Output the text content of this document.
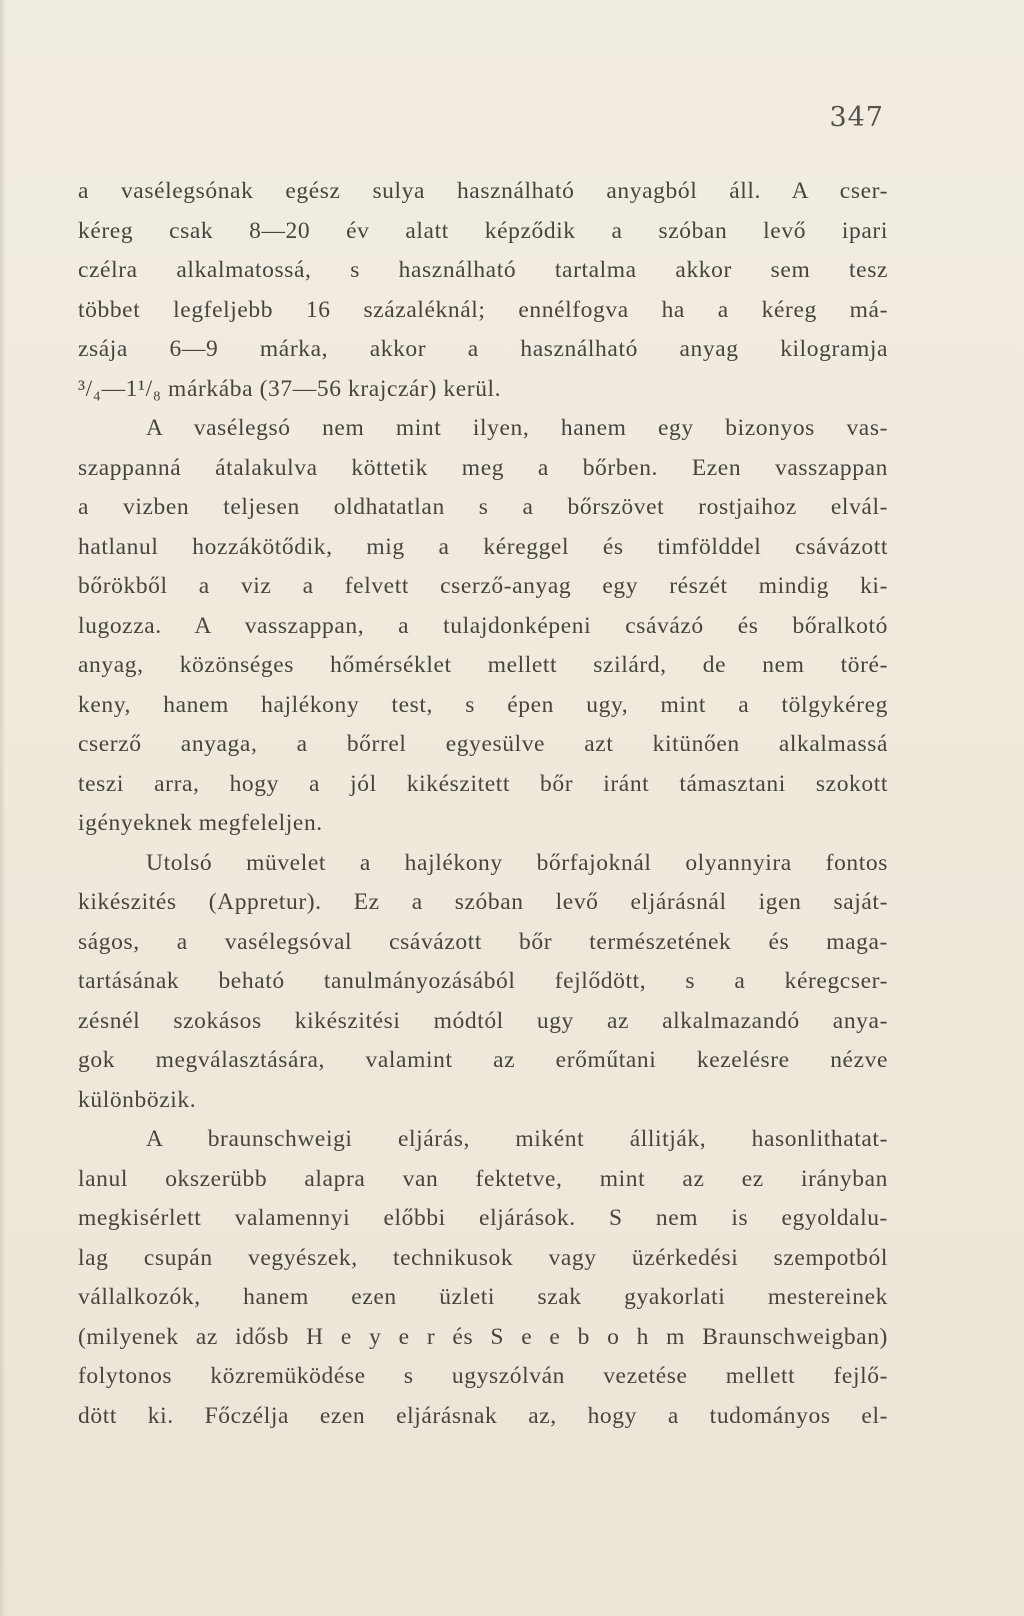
347
a vasélegsónak egész sulya használható anyagból áll. A cser-
kéreg csak 8—20 év alatt képződik a szóban levő ipari
czélra alkalmatossá, s használható tartalma akkor sem tesz
többet legfeljebb 16 százaléknál; ennélfogva ha a kéreg má-
zsája 6—9 márka, akkor a használható anyag kilogramja
³/₄—1¹/₈ márkába (37—56 krajczár) kerül.
A vasélegsó nem mint ilyen, hanem egy bizonyos vas-
szappanná átalakulva köttetik meg a bőrben. Ezen vasszappan
a vizben teljesen oldhatatlan s a bőrszövet rostjaihoz elvál-
hatlanul hozzákötődik, mig a kéreggel és timfölddel csávázott
bőrökből a viz a felvett cserző-anyag egy részét mindig ki-
lugozza. A vasszappan, a tulajdonképeni csávázó és bőralkotó
anyag, közönséges hőmérséklet mellett szilárd, de nem töré-
keny, hanem hajlékony test, s épen ugy, mint a tölgykéreg
cserző anyaga, a bőrrel egyesülve azt kitünően alkalmassá
teszi arra, hogy a jól kikészitett bőr iránt támasztani szokott
igényeknek megfeleljen.
Utolsó müvelet a hajlékony bőrfajoknál olyannyira fontos
kikészités (Appretur). Ez a szóban levő eljárásnál igen saját-
ságos, a vasélegsóval csávázott bőr természetének és maga-
tartásának beható tanulmányozásából fejlődött, s a kéregcser-
zésnél szokásos kikészitési módtól ugy az alkalmazandó anya-
gok megválasztására, valamint az erőműtani kezelésre nézve
különbözik.
A braunschweigi eljárás, miként állitják, hasonlithatat-
lanul okszerübb alapra van fektetve, mint az ez irányban
megkisérlett valamennyi előbbi eljárások. S nem is egyoldalu-
lag csupán vegyészek, technikusok vagy üzérkedési szempotból
vállalkozók, hanem ezen üzleti szak gyakorlati mestereinek
(milyenek az idősb H e y e r és S e e b o h m Braunschweigban)
folytonos közremüködése s ugyszólván vezetése mellett fejlő-
dött ki. Főczélja ezen eljárásnak az, hogy a tudományos el-
